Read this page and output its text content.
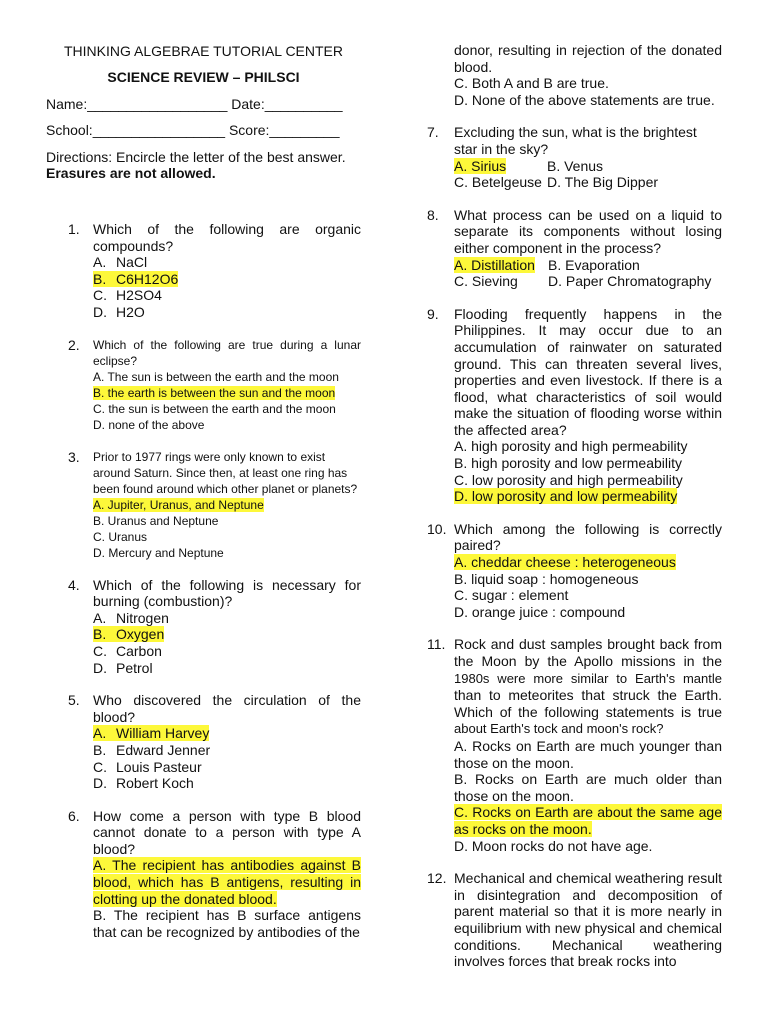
THINKING ALGEBRAE TUTORIAL CENTER
SCIENCE REVIEW – PHILSCI
Name:__________________ Date:__________
School:_________________ Score:_________
Directions: Encircle the letter of the best answer.
Erasures are not allowed.
1. Which of the following are organic compounds?
A. NaCl
B. C6H12O6
C. H2SO4
D. H2O
2. Which of the following are true during a lunar eclipse?
A. The sun is between the earth and the moon
B. the earth is between the sun and the moon
C. the sun is between the earth and the moon
D. none of the above
3. Prior to 1977 rings were only known to exist around Saturn. Since then, at least one ring has been found around which other planet or planets?
A. Jupiter, Uranus, and Neptune
B. Uranus and Neptune
C. Uranus
D. Mercury and Neptune
4. Which of the following is necessary for burning (combustion)?
A. Nitrogen
B. Oxygen
C. Carbon
D. Petrol
5. Who discovered the circulation of the blood?
A. William Harvey
B. Edward Jenner
C. Louis Pasteur
D. Robert Koch
6. How come a person with type B blood cannot donate to a person with type A blood?
A. The recipient has antibodies against B blood, which has B antigens, resulting in clotting up the donated blood.
B. The recipient has B surface antigens that can be recognized by antibodies of the
donor, resulting in rejection of the donated blood.
C. Both A and B are true.
D. None of the above statements are true.
7. Excluding the sun, what is the brightest star in the sky?
A. Sirius	B. Venus
C. Betelgeuse D. The Big Dipper
8. What process can be used on a liquid to separate its components without losing either component in the process?
A. Distillation B. Evaporation
C. Sieving	D. Paper Chromatography
9. Flooding frequently happens in the Philippines. It may occur due to an accumulation of rainwater on saturated ground. This can threaten several lives, properties and even livestock. If there is a flood, what characteristics of soil would make the situation of flooding worse within the affected area?
A. high porosity and high permeability
B. high porosity and low permeability
C. low porosity and high permeability
D. low porosity and low permeability
10. Which among the following is correctly paired?
A. cheddar cheese : heterogeneous
B. liquid soap : homogeneous
C. sugar : element
D. orange juice : compound
11. Rock and dust samples brought back from the Moon by the Apollo missions in the 1980s were more similar to Earth's mantle than to meteorites that struck the Earth. Which of the following statements is true about Earth's tock and moon's rock?
A. Rocks on Earth are much younger than those on the moon.
B. Rocks on Earth are much older than those on the moon.
C. Rocks on Earth are about the same age as rocks on the moon.
D. Moon rocks do not have age.
12. Mechanical and chemical weathering result in disintegration and decomposition of parent material so that it is more nearly in equilibrium with new physical and chemical conditions. Mechanical weathering involves forces that break rocks into
